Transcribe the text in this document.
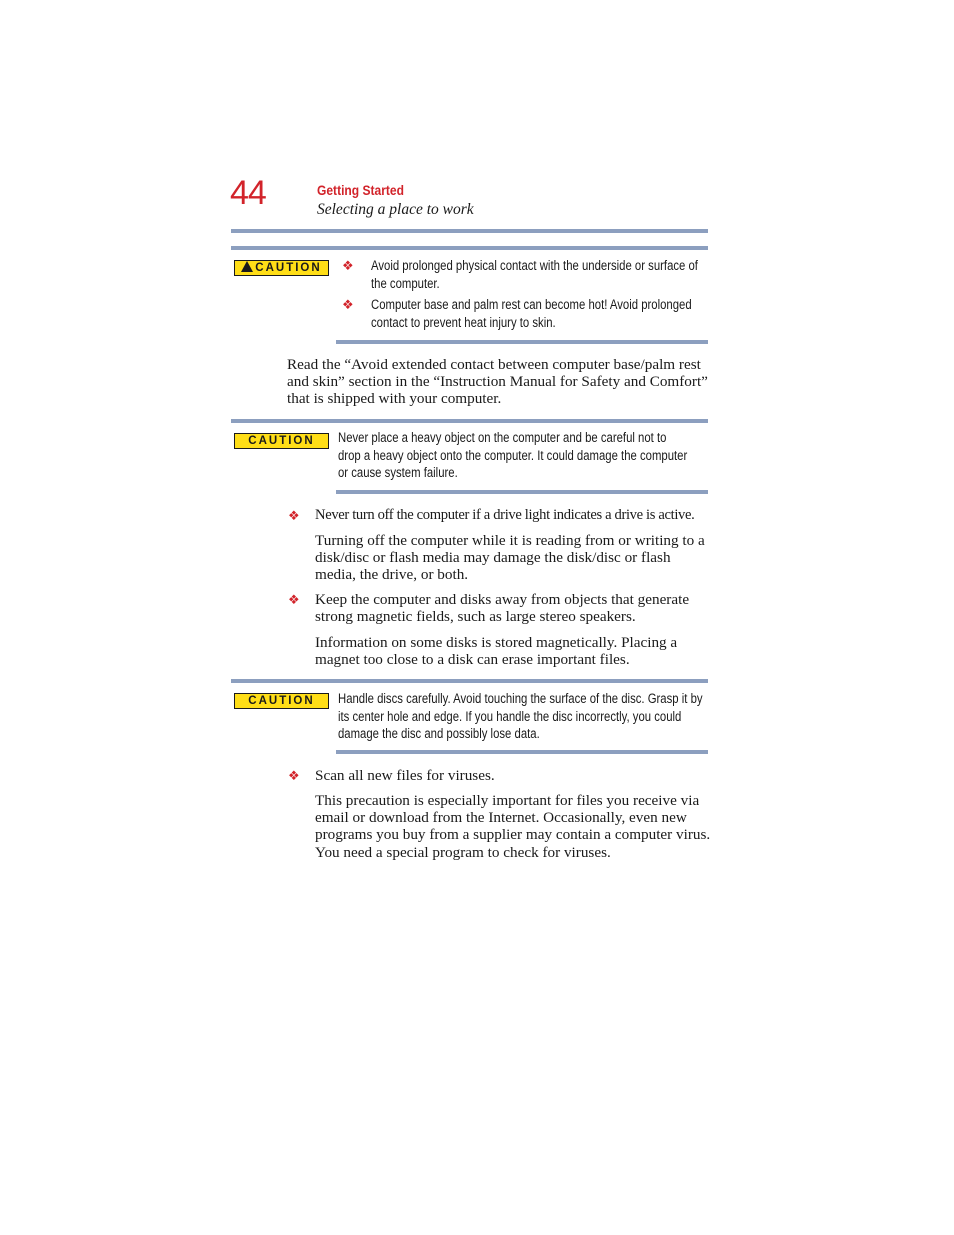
44	Getting Started
Selecting a place to work
CAUTION	❖ Avoid prolonged physical contact with the underside or surface of the computer.
❖ Computer base and palm rest can become hot! Avoid prolonged contact to prevent heat injury to skin.
Read the “Avoid extended contact between computer base/palm rest and skin” section in the “Instruction Manual for Safety and Comfort” that is shipped with your computer.
CAUTION	Never place a heavy object on the computer and be careful not to drop a heavy object onto the computer. It could damage the computer or cause system failure.
❖ Never turn off the computer if a drive light indicates a drive is active.
Turning off the computer while it is reading from or writing to a disk/disc or flash media may damage the disk/disc or flash media, the drive, or both.
❖ Keep the computer and disks away from objects that generate strong magnetic fields, such as large stereo speakers.
Information on some disks is stored magnetically. Placing a magnet too close to a disk can erase important files.
CAUTION	Handle discs carefully. Avoid touching the surface of the disc. Grasp it by its center hole and edge. If you handle the disc incorrectly, you could damage the disc and possibly lose data.
❖ Scan all new files for viruses.
This precaution is especially important for files you receive via email or download from the Internet. Occasionally, even new programs you buy from a supplier may contain a computer virus. You need a special program to check for viruses.
